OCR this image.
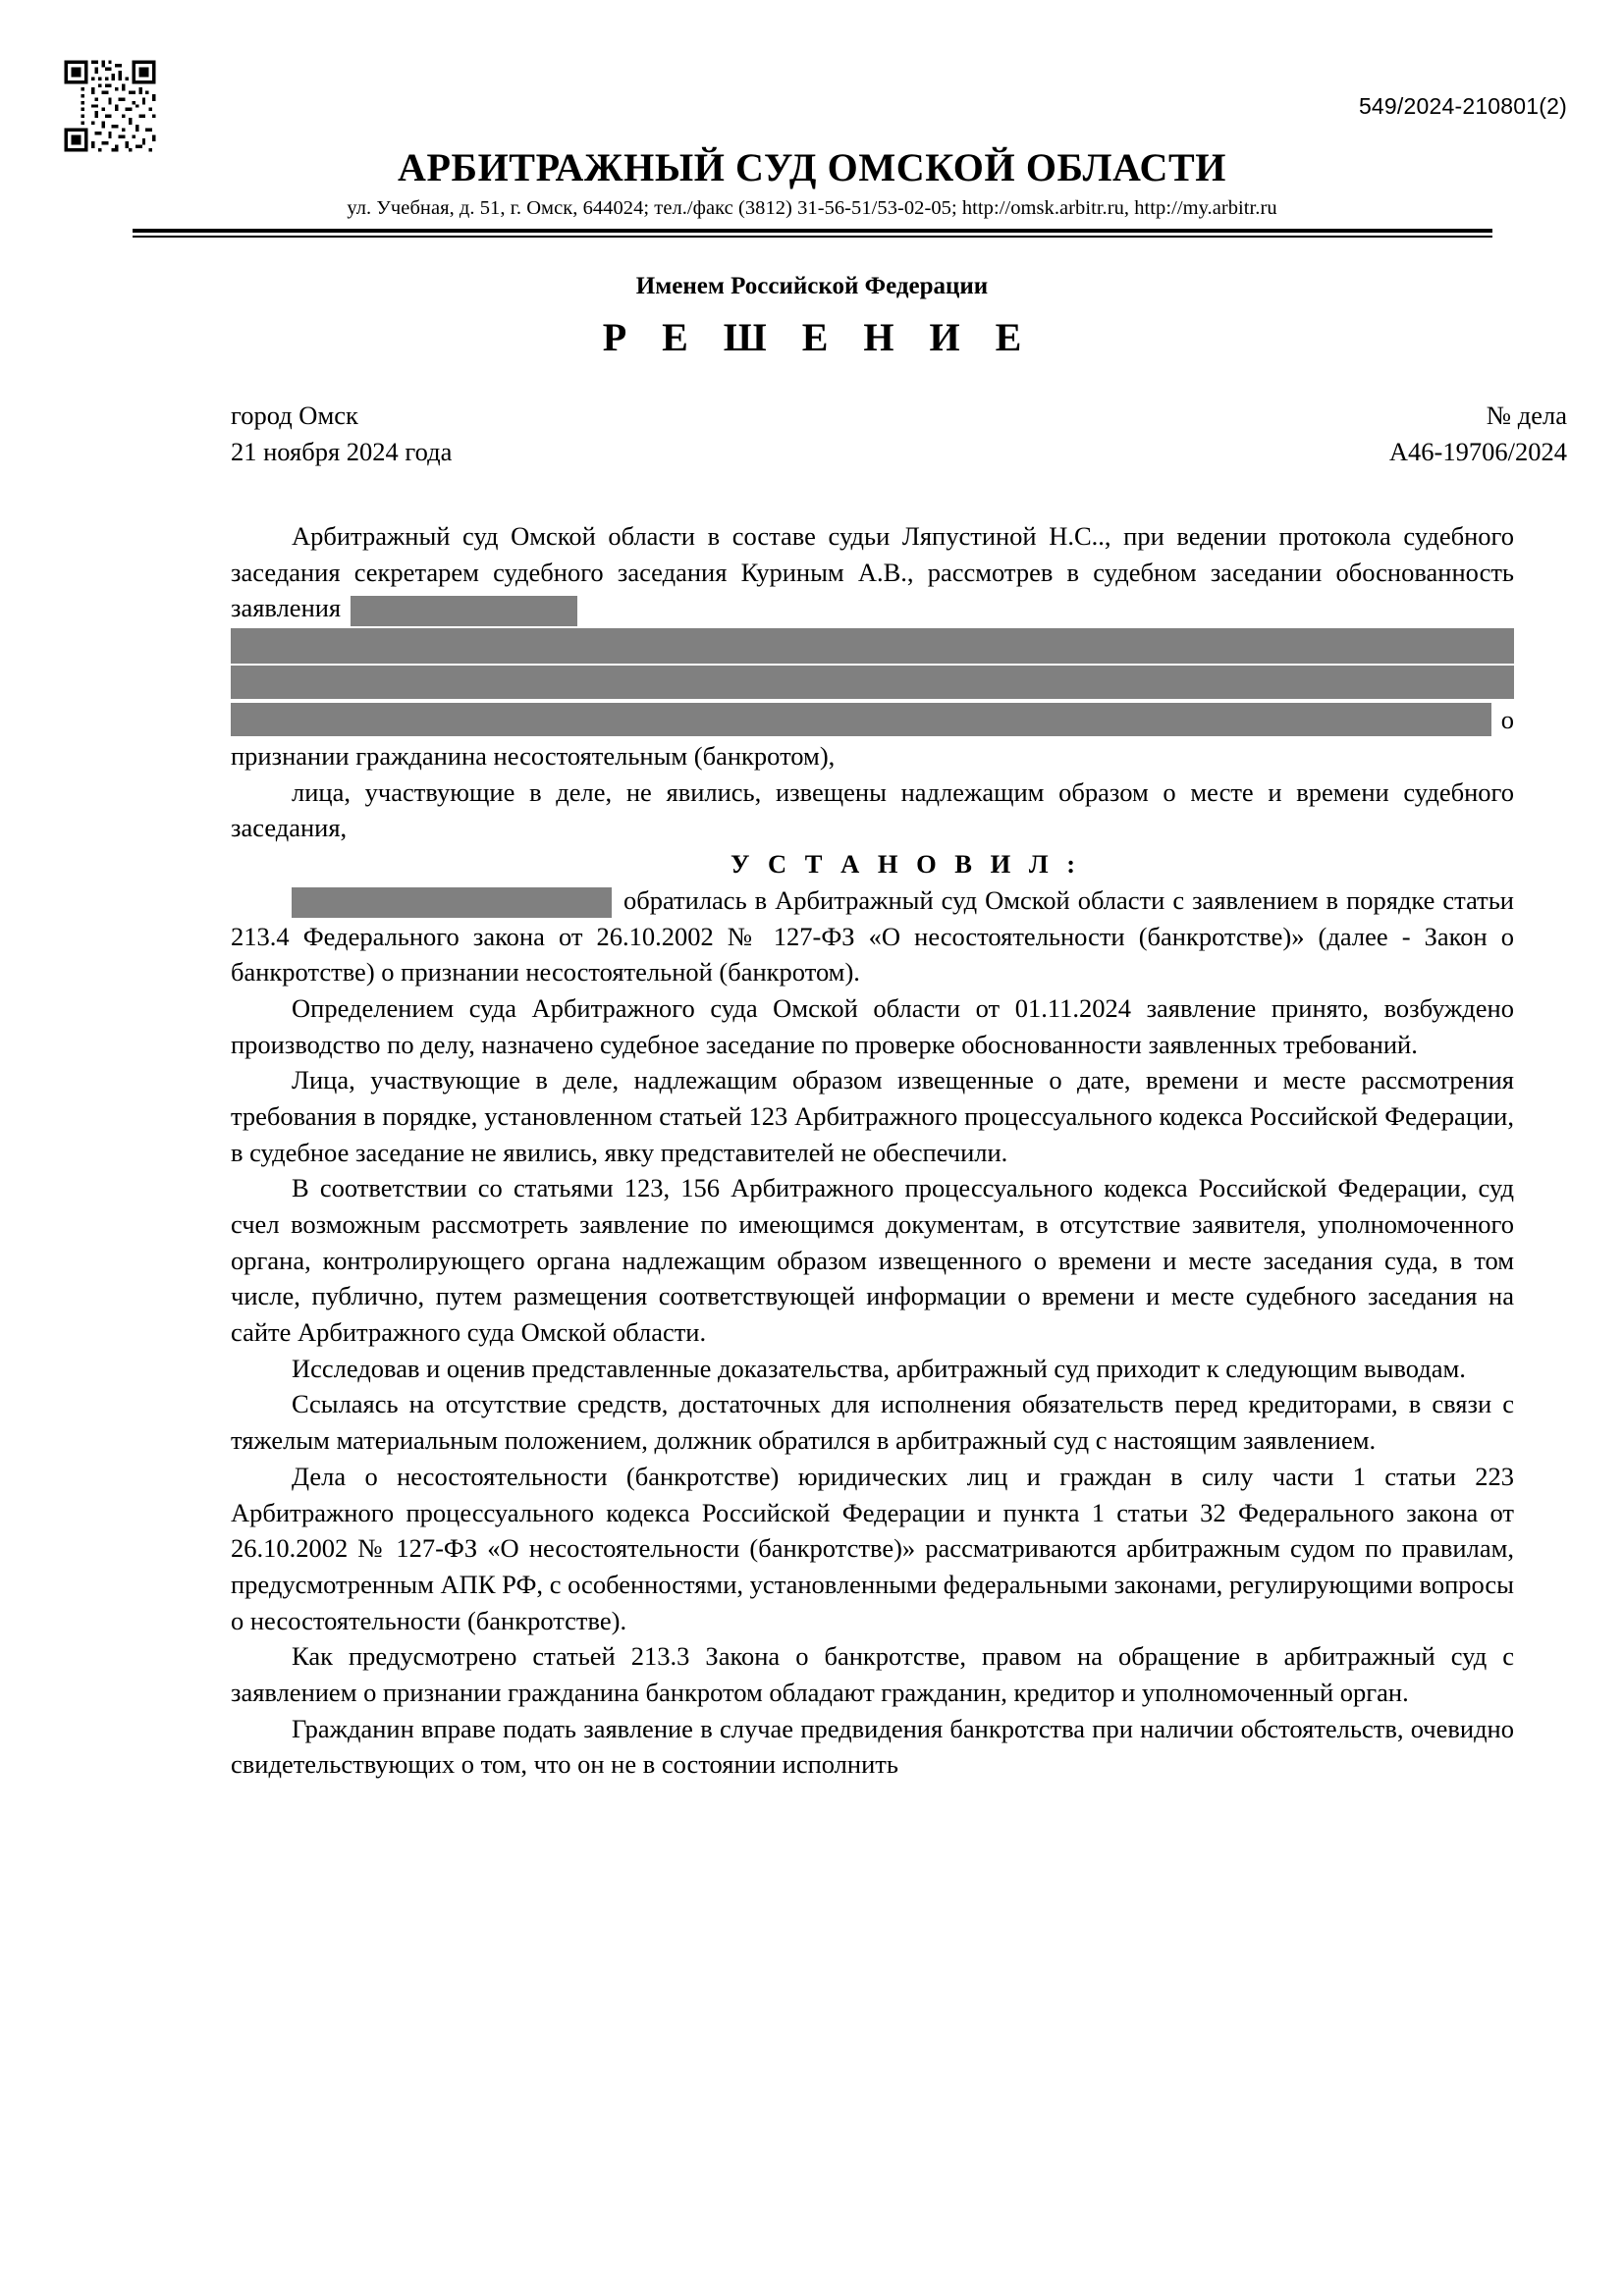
549/2024-210801(2)
АРБИТРАЖНЫЙ СУД ОМСКОЙ ОБЛАСТИ
ул. Учебная, д. 51, г. Омск, 644024; тел./факс (3812) 31-56-51/53-02-05; http://omsk.arbitr.ru, http://my.arbitr.ru
Именем Российской Федерации
Р Е Ш Е Н И Е
город Омск	№ дела
21 ноября 2024 года	А46-19706/2024

Арбитражный суд Омской области в составе судьи Ляпустиной Н.С.., при ведении протокола судебного заседания секретарем судебного заседания Куриным А.В., рассмотрев в судебном заседании обоснованность заявления

о

признании гражданина несостоятельным (банкротом),

лица, участвующие в деле, не явились, извещены надлежащим образом о месте и времени судебного заседания,

У С Т А Н О В И Л :

обратилась в Арбитражный суд Омской области с заявлением в порядке статьи 213.4 Федерального закона от 26.10.2002 № 127-ФЗ «О несостоятельности (банкротстве)» (далее - Закон о банкротстве) о признании несостоятельной (банкротом).

Определением суда Арбитражного суда Омской области от 01.11.2024 заявление принято, возбуждено производство по делу, назначено судебное заседание по проверке обоснованности заявленных требований.

Лица, участвующие в деле, надлежащим образом извещенные о дате, времени и месте рассмотрения требования в порядке, установленном статьей 123 Арбитражного процессуального кодекса Российской Федерации, в судебное заседание не явились, явку представителей не обеспечили.

В соответствии со статьями 123, 156 Арбитражного процессуального кодекса Российской Федерации, суд счел возможным рассмотреть заявление по имеющимся документам, в отсутствие заявителя, уполномоченного органа, контролирующего органа надлежащим образом извещенного о времени и месте заседания суда, в том числе, публично, путем размещения соответствующей информации о времени и месте судебного заседания на сайте Арбитражного суда Омской области.

Исследовав и оценив представленные доказательства, арбитражный суд приходит к следующим выводам.

Ссылаясь на отсутствие средств, достаточных для исполнения обязательств перед кредиторами, в связи с тяжелым материальным положением, должник обратился в арбитражный суд с настоящим заявлением.

Дела о несостоятельности (банкротстве) юридических лиц и граждан в силу части 1 статьи 223 Арбитражного процессуального кодекса Российской Федерации и пункта 1 статьи 32 Федерального закона от 26.10.2002 № 127-ФЗ «О несостоятельности (банкротстве)» рассматриваются арбитражным судом по правилам, предусмотренным АПК РФ, с особенностями, установленными федеральными законами, регулирующими вопросы о несостоятельности (банкротстве).

Как предусмотрено статьей 213.3 Закона о банкротстве, правом на обращение в арбитражный суд с заявлением о признании гражданина банкротом обладают гражданин, кредитор и уполномоченный орган.

Гражданин вправе подать заявление в случае предвидения банкротства при наличии обстоятельств, очевидно свидетельствующих о том, что он не в состоянии исполнить
